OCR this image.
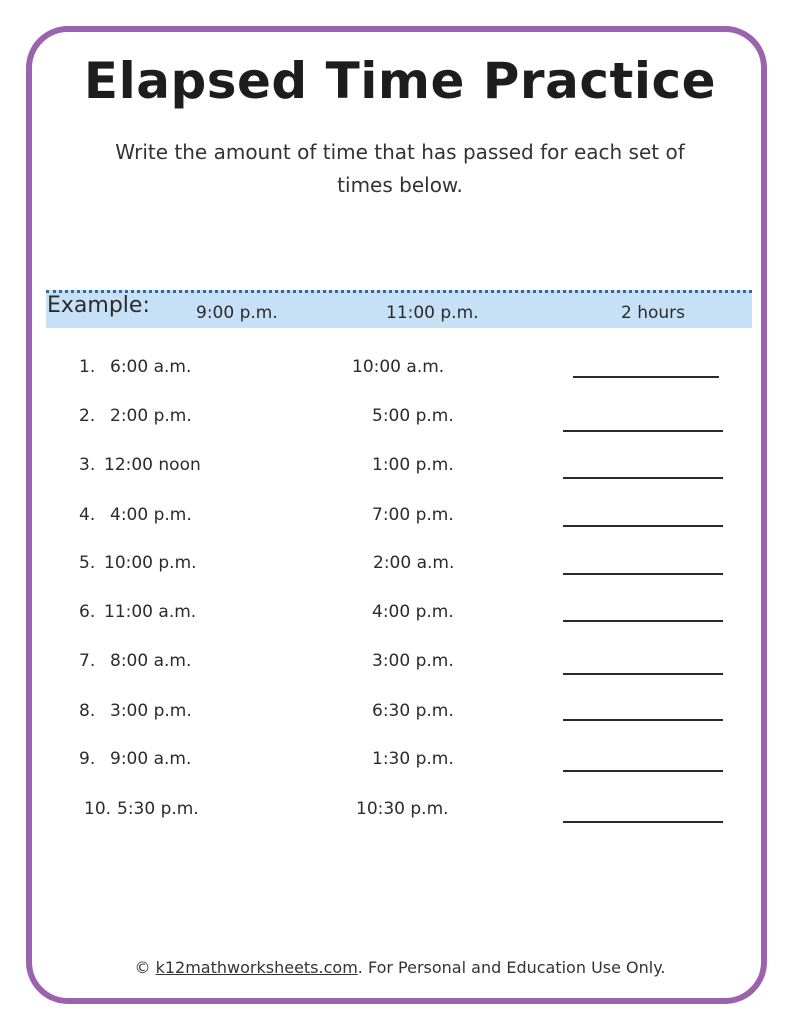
Elapsed Time Practice

Write the amount of time that has passed for each set of times below.

Example:	9:00 p.m.	11:00 p.m.	2 hours
1. 6:00 a.m.	10:00 a.m.
2. 2:00 p.m.	5:00 p.m.
3. 12:00 noon	1:00 p.m.
4. 4:00 p.m.	7:00 p.m.
5. 10:00 p.m.	2:00 a.m.
6. 11:00 a.m.	4:00 p.m.
7. 8:00 a.m.	3:00 p.m.
8. 3:00 p.m.	6:30 p.m.
9. 9:00 a.m.	1:30 p.m.
10. 5:30 p.m.	10:30 p.m.
© k12mathworksheets.com. For Personal and Education Use Only.
